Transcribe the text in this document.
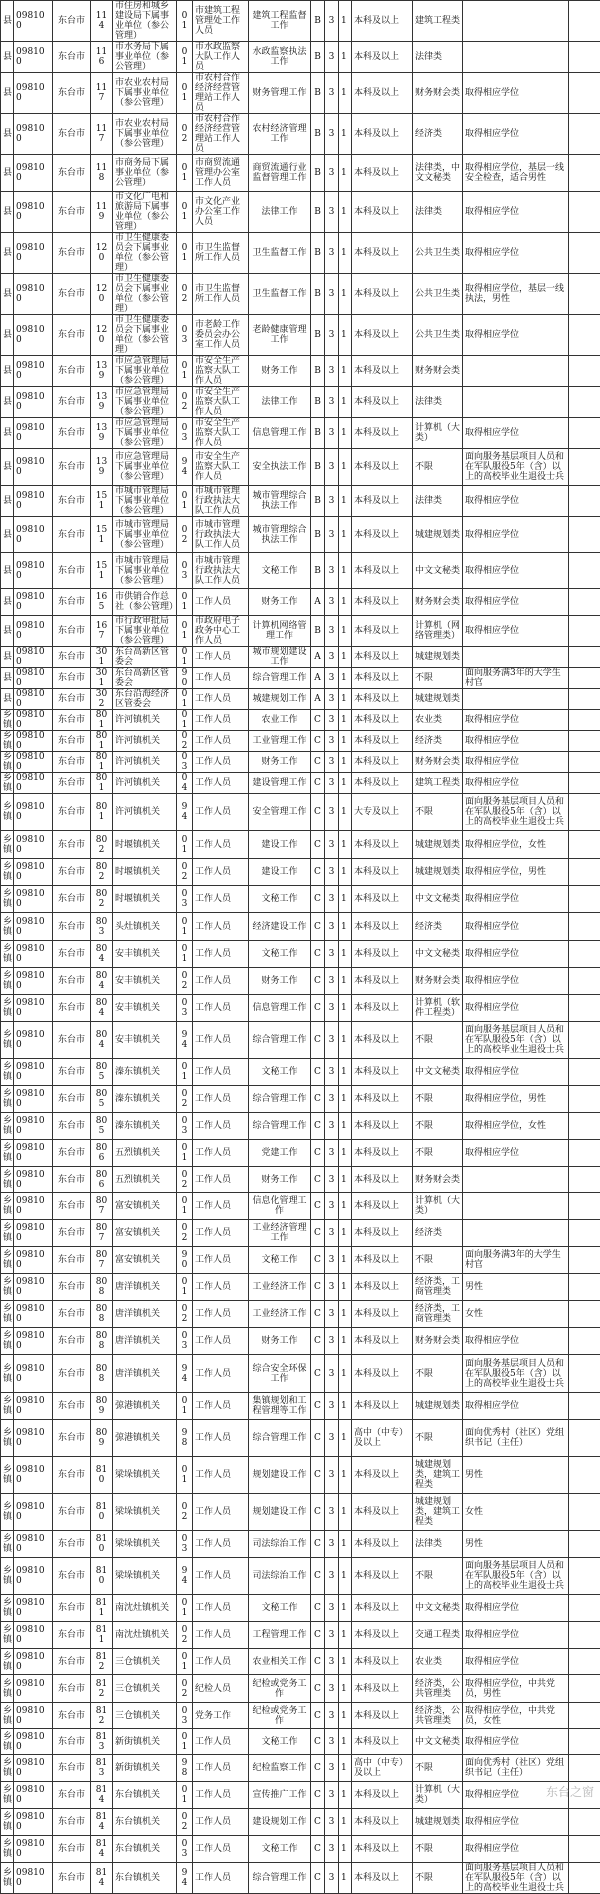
县	098100	东台市	114	市住房和城乡建设局下属事业单位（参公管理）	01	市建筑工程管理处工作人员	建筑工程监督工作	B	3	1	本科及以上	建筑工程类		
县	098100	东台市	116	市水务局下属事业单位（参公管理）	01	市水政监察大队工作人员	水政监察执法工作	B	3	1	本科及以上	法律类		
县	098100	东台市	117	市农业农村局下属事业单位（参公管理）	01	市农村合作经济经营管理站工作人员	财务管理工作	B	3	1	本科及以上	财务财会类	取得相应学位	
县	098100	东台市	117	市农业农村局下属事业单位（参公管理）	02	市农村合作经济经营管理站工作人员	农村经济管理工作	B	3	1	本科及以上	经济类	取得相应学位	
县	098100	东台市	118	市商务局下属事业单位（参公管理）	01	市商贸流通管理办公室工作人员	商贸流通行业监督管理工作	B	3	1	本科及以上	法律类，中文文秘类	取得相应学位，基层一线安全检查，适合男性	
县	098100	东台市	119	市文化广电和旅游局下属事业单位（参公管理）	01	市文化产业办公室工作人员	法律工作	B	3	1	本科及以上	法律类	取得相应学位	
县	098100	东台市	120	市卫生健康委员会下属事业单位（参公管理）	01	市卫生监督所工作人员	卫生监督工作	B	3	1	本科及以上	公共卫生类	取得相应学位	
县	098100	东台市	120	市卫生健康委员会下属事业单位（参公管理）	02	市卫生监督所工作人员	卫生监督工作	B	3	1	本科及以上	公共卫生类	取得相应学位，基层一线执法，男性	
县	098100	东台市	120	市卫生健康委员会下属事业单位（参公管理）	03	市老龄工作委员会办公室工作人员	老龄健康管理工作	B	3	1	本科及以上	公共卫生类	取得相应学位	
县	098100	东台市	139	市应急管理局下属事业单位（参公管理）	01	市安全生产监察大队工作人员	财务工作	B	3	1	本科及以上	财务财会类		
县	098100	东台市	139	市应急管理局下属事业单位（参公管理）	02	市安全生产监察大队工作人员	法律工作	B	3	1	本科及以上	法律类		
县	098100	东台市	139	市应急管理局下属事业单位（参公管理）	03	市安全生产监察大队工作人员	信息管理工作	B	3	1	本科及以上	计算机（大类）	取得相应学位	
县	098100	东台市	139	市应急管理局下属事业单位（参公管理）	94	市安全生产监察大队工作人员	安全执法工作	B	3	1	本科及以上	不限	面向服务基层项目人员和在军队服役5年（含）以上的高校毕业生退役士兵	
县	098100	东台市	151	市城市管理局下属事业单位（参公管理）	01	市城市管理行政执法大队工作人员	城市管理综合执法工作	B	3	1	本科及以上	法律类	取得相应学位	
县	098100	东台市	151	市城市管理局下属事业单位（参公管理）	02	市城市管理行政执法大队工作人员	城市管理综合执法工作	B	3	1	本科及以上	城建规划类	取得相应学位	
县	098100	东台市	151	市城市管理局下属事业单位（参公管理）	03	市城市管理行政执法大队工作人员	文秘工作	B	3	1	本科及以上	中文文秘类	取得相应学位	
县	098100	东台市	165	市供销合作总社（参公管理）	01	工作人员	财务工作	A	3	1	本科及以上	财务财会类	取得相应学位	
县	098100	东台市	167	市行政审批局下属事业单位（参公管理）	01	市政府电子政务中心工作人员	计算机网络管理工作	B	3	1	本科及以上	计算机（网络管理类）	取得相应学位	
县	098100	东台市	301	东台高新区管委会	01	工作人员	城市规划建设工作	A	3	1	本科及以上	城建规划类		
县	098100	东台市	301	东台高新区管委会	90	工作人员	综合管理工作	A	3	1	本科及以上	不限	面向服务满3年的大学生村官	
县	098100	东台市	302	东台沿海经济区管委会	01	工作人员	城建规划工作	A	3	1	本科及以上	城建规划类		
乡镇	098100	东台市	801	许河镇机关	01	工作人员	农业工作	C	3	1	本科及以上	农业类	取得相应学位	
乡镇	098100	东台市	801	许河镇机关	02	工作人员	工业管理工作	C	3	1	本科及以上	经济类	取得相应学位	
乡镇	098100	东台市	801	许河镇机关	03	工作人员	财务工作	C	3	1	本科及以上	财务财会类	取得相应学位	
乡镇	098100	东台市	801	许河镇机关	04	工作人员	建设管理工作	C	3	1	本科及以上	建筑工程类	取得相应学位	
乡镇	098100	东台市	801	许河镇机关	94	工作人员	安全管理工作	C	3	1	大专及以上	不限	面向服务基层项目人员和在军队服役5年（含）以上的高校毕业生退役士兵	
乡镇	098100	东台市	802	时堰镇机关	01	工作人员	建设工作	C	3	1	本科及以上	城建规划类	取得相应学位，女性	
乡镇	098100	东台市	802	时堰镇机关	02	工作人员	建设工作	C	3	1	本科及以上	城建规划类	取得相应学位，男性	
乡镇	098100	东台市	802	时堰镇机关	03	工作人员	文秘工作	C	3	1	本科及以上	中文文秘类	取得相应学位	
乡镇	098100	东台市	803	头灶镇机关	01	工作人员	经济建设工作	C	3	1	本科及以上	经济类	取得相应学位	
乡镇	098100	东台市	804	安丰镇机关	01	工作人员	文秘工作	C	3	1	本科及以上	中文文秘类	取得相应学位	
乡镇	098100	东台市	804	安丰镇机关	02	工作人员	财务工作	C	3	1	本科及以上	财务财会类	取得相应学位	
乡镇	098100	东台市	804	安丰镇机关	03	工作人员	信息管理工作	C	3	1	本科及以上	计算机（软件工程类）	取得相应学位	
乡镇	098100	东台市	804	安丰镇机关	94	工作人员	综合管理工作	C	3	1	本科及以上	不限	面向服务基层项目人员和在军队服役5年（含）以上的高校毕业生退役士兵	
乡镇	098100	东台市	805	溱东镇机关	01	工作人员	文秘工作	C	3	1	本科及以上	中文文秘类	取得相应学位	
乡镇	098100	东台市	805	溱东镇机关	02	工作人员	综合管理工作	C	3	1	本科及以上	不限	取得相应学位，男性	
乡镇	098100	东台市	805	溱东镇机关	03	工作人员	综合管理工作	C	3	1	本科及以上	不限	取得相应学位，女性	
乡镇	098100	东台市	806	五烈镇机关	01	工作人员	党建工作	C	3	1	本科及以上	不限	取得相应学位	
乡镇	098100	东台市	806	五烈镇机关	02	工作人员	财务工作	C	3	1	本科及以上	财务财会类		
乡镇	098100	东台市	807	富安镇机关	01	工作人员	信息化管理工作	C	3	1	本科及以上	计算机（大类）		
乡镇	098100	东台市	807	富安镇机关	02	工作人员	工业经济管理工作	C	3	1	本科及以上	经济类		
乡镇	098100	东台市	807	富安镇机关	90	工作人员	文秘工作	C	3	1	本科及以上	不限	面向服务满3年的大学生村官	
乡镇	098100	东台市	808	唐洋镇机关	01	工作人员	工业经济工作	C	3	1	本科及以上	经济类，工商管理类	男性	
乡镇	098100	东台市	808	唐洋镇机关	02	工作人员	工业经济工作	C	3	1	本科及以上	经济类，工商管理类	女性	
乡镇	098100	东台市	808	唐洋镇机关	03	工作人员	财务工作	C	3	1	本科及以上	财务财会类	取得相应学位	
乡镇	098100	东台市	808	唐洋镇机关	94	工作人员	综合安全环保工作	C	3	1	本科及以上	不限	面向服务基层项目人员和在军队服役5年（含）以上的高校毕业生退役士兵	
乡镇	098100	东台市	809	弶港镇机关	01	工作人员	集镇规划和工程管理等工作	C	3	1	本科及以上	城建规划类	取得相应学位	
乡镇	098100	东台市	809	弶港镇机关	98	工作人员	综合管理工作	C	3	1	高中（中专）及以上	不限	面向优秀村（社区）党组织书记（主任）	
乡镇	098100	东台市	810	梁垛镇机关	01	工作人员	规划建设工作	C	3	1	本科及以上	城建规划类，建筑工程类	男性	
乡镇	098100	东台市	810	梁垛镇机关	02	工作人员	规划建设工作	C	3	1	本科及以上	城建规划类，建筑工程类	女性	
乡镇	098100	东台市	810	梁垛镇机关	03	工作人员	司法综治工作	C	3	1	本科及以上	法律类	男性	
乡镇	098100	东台市	810	梁垛镇机关	94	工作人员	司法综治工作	C	3	1	本科及以上	不限	面向服务基层项目人员和在军队服役5年（含）以上的高校毕业生退役士兵	
乡镇	098100	东台市	811	南沈灶镇机关	01	工作人员	文秘工作	C	3	1	本科及以上	中文文秘类	取得相应学位	
乡镇	098100	东台市	811	南沈灶镇机关	02	工作人员	工程管理工作	C	3	1	本科及以上	交通工程类	取得相应学位	
乡镇	098100	东台市	812	三仓镇机关	01	工作人员	农业相关工作	C	3	1	本科及以上	农业类	取得相应学位	
乡镇	098100	东台市	812	三仓镇机关	02	纪检人员	纪检或党务工作	C	3	1	本科及以上	经济类，公共管理类	取得相应学位，中共党员，男性	
乡镇	098100	东台市	812	三仓镇机关	03	党务工作	纪检或党务工作	C	3	1	本科及以上	经济类，公共管理类	取得相应学位，中共党员，女性	
乡镇	098100	东台市	813	新街镇机关	01	工作人员	文秘工作	C	3	1	本科及以上	中文文秘类	取得相应学位	
乡镇	098100	东台市	813	新街镇机关	98	工作人员	纪检监察工作	C	3	1	高中（中专）及以上	不限	面向优秀村（社区）党组织书记（主任）	
乡镇	098100	东台市	814	东台镇机关	01	工作人员	宣传推广工作	C	3	1	本科及以上	计算机（大类）	取得相应学位	
乡镇	098100	东台市	814	东台镇机关	02	工作人员	建设规划工作	C	3	1	本科及以上	城建规划类	取得相应学位	
乡镇	098100	东台市	814	东台镇机关	03	工作人员	文秘工作	C	3	1	本科及以上	不限	取得相应学位	
乡镇	098100	东台市	814	东台镇机关	94	工作人员	综合管理工作	C	3	1	本科及以上	不限	面向服务基层项目人员和在军队服役5年（含）以上的高校毕业生退役士兵	
东台之窗
